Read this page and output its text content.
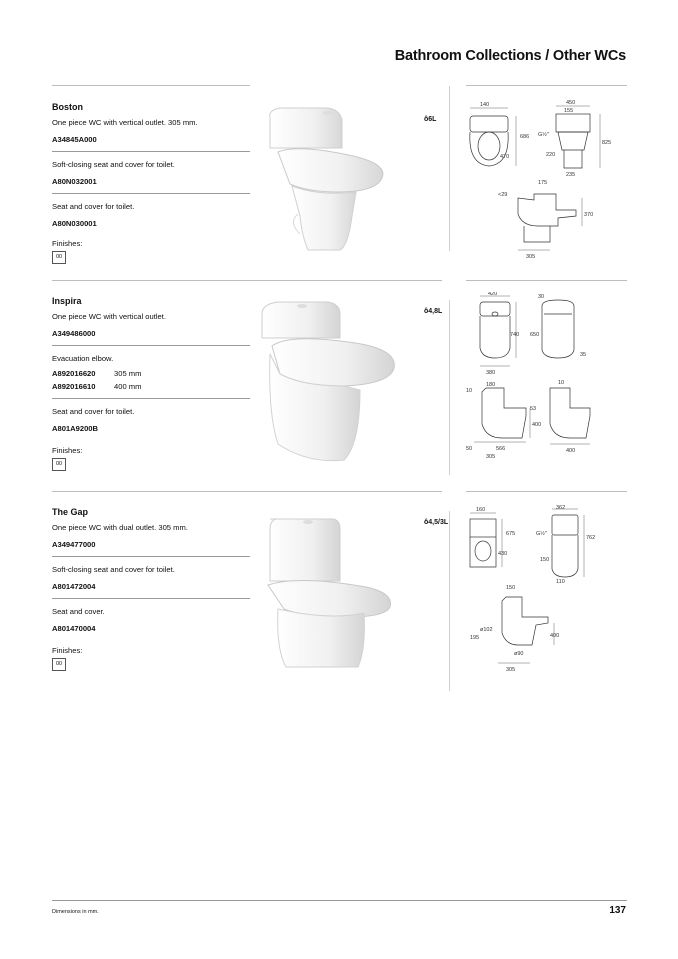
Bathroom Collections / Other WCs
Boston
One piece WC with vertical outlet. 305 mm.
A34845A000
Soft-closing seat and cover for toilet.
A80N032001
Seat and cover for toilet.
A80N030001
Finishes:
00
ô6L
140
686
470
450
155
G½"
825
220
235
175
<29
370
305
Inspira
One piece WC with vertical outlet.
A349486000
Evacuation elbow.
A892016620	305 mm
A892016610	400 mm
Seat and cover for toilet.
A801A9200B
Finishes:
00
ô4,8L
420
740
380
30
650
35
180
10
53
400
50	566
305
10
400
The Gap
One piece WC with dual outlet. 305 mm.
A349477000
Soft-closing seat and cover for toilet.
A801472004
Seat and cover.
A801470004
Finishes:
00
ô4,5/3L
160
675
430
362
762
G½"
150
110
150
ø102
195	400
ø90
305
Dimensions in mm.	137
